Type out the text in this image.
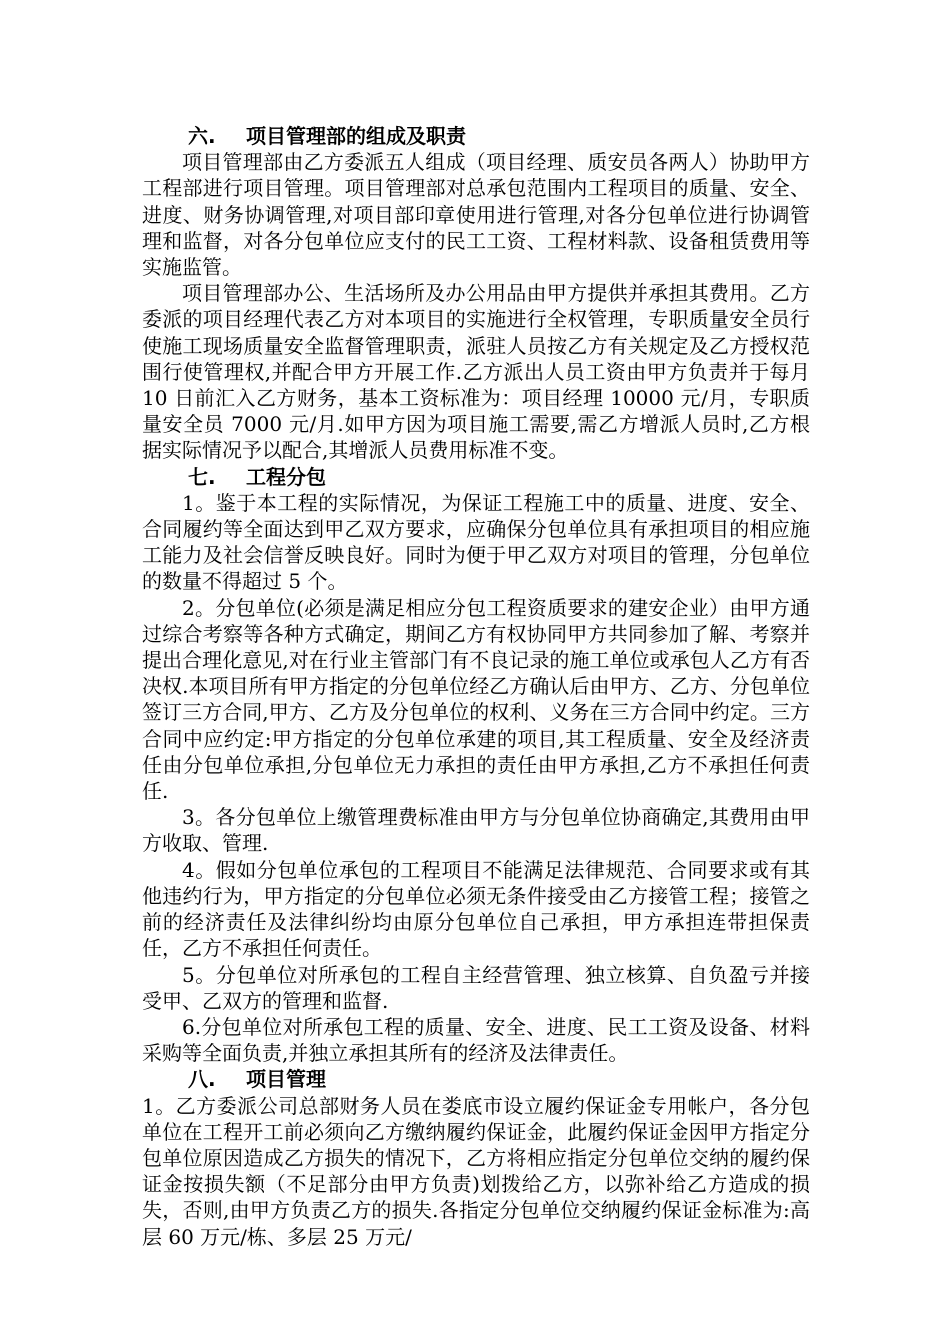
六. 项目管理部的组成及职责

项目管理部由乙方委派五人组成（项目经理、质安员各两人）协助甲方工程部进行项目管理。项目管理部对总承包范围内工程项目的质量、安全、进度、财务协调管理,对项目部印章使用进行管理,对各分包单位进行协调管理和监督，对各分包单位应支付的民工工资、工程材料款、设备租赁费用等实施监管。

项目管理部办公、生活场所及办公用品由甲方提供并承担其费用。乙方委派的项目经理代表乙方对本项目的实施进行全权管理，专职质量安全员行使施工现场质量安全监督管理职责，派驻人员按乙方有关规定及乙方授权范围行使管理权,并配合甲方开展工作.乙方派出人员工资由甲方负责并于每月 10 日前汇入乙方财务，基本工资标准为：项目经理 10000 元/月，专职质量安全员 7000 元/月.如甲方因为项目施工需要,需乙方增派人员时,乙方根据实际情况予以配合,其增派人员费用标准不变。

七. 工程分包

1。鉴于本工程的实际情况，为保证工程施工中的质量、进度、安全、合同履约等全面达到甲乙双方要求，应确保分包单位具有承担项目的相应施工能力及社会信誉反映良好。同时为便于甲乙双方对项目的管理，分包单位的数量不得超过 5 个。

2。分包单位(必须是满足相应分包工程资质要求的建安企业）由甲方通过综合考察等各种方式确定，期间乙方有权协同甲方共同参加了解、考察并提出合理化意见,对在行业主管部门有不良记录的施工单位或承包人乙方有否决权.本项目所有甲方指定的分包单位经乙方确认后由甲方、乙方、分包单位签订三方合同,甲方、乙方及分包单位的权利、义务在三方合同中约定。三方合同中应约定:甲方指定的分包单位承建的项目,其工程质量、安全及经济责任由分包单位承担,分包单位无力承担的责任由甲方承担,乙方不承担任何责任.

3。各分包单位上缴管理费标准由甲方与分包单位协商确定,其费用由甲方收取、管理.

4。假如分包单位承包的工程项目不能满足法律规范、合同要求或有其他违约行为，甲方指定的分包单位必须无条件接受由乙方接管工程；接管之前的经济责任及法律纠纷均由原分包单位自己承担，甲方承担连带担保责任，乙方不承担任何责任。

5。分包单位对所承包的工程自主经营管理、独立核算、自负盈亏并接受甲、乙双方的管理和监督.

6.分包单位对所承包工程的质量、安全、进度、民工工资及设备、材料采购等全面负责,并独立承担其所有的经济及法律责任。

八. 项目管理

1。乙方委派公司总部财务人员在娄底市设立履约保证金专用帐户，各分包单位在工程开工前必须向乙方缴纳履约保证金，此履约保证金因甲方指定分包单位原因造成乙方损失的情况下，乙方将相应指定分包单位交纳的履约保证金按损失额（不足部分由甲方负责)划拨给乙方，以弥补给乙方造成的损失，否则,由甲方负责乙方的损失.各指定分包单位交纳履约保证金标准为:高层 60 万元/栋、多层 25 万元/
